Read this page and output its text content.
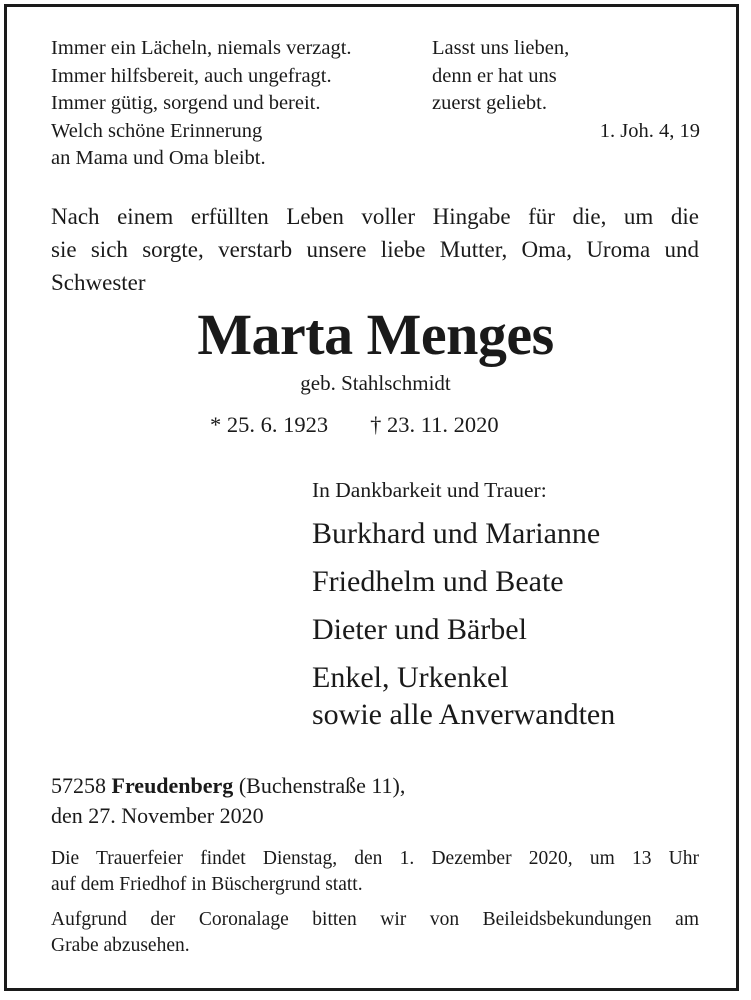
Immer ein Lächeln, niemals verzagt.
Immer hilfsbereit, auch ungefragt.
Immer gütig, sorgend und bereit.
Welch schöne Erinnerung
an Mama und Oma bleibt.
Lasst uns lieben,
denn er hat uns
zuerst geliebt.
1. Joh. 4, 19
Nach einem erfüllten Leben voller Hingabe für die, um die
sie sich sorgte, verstarb unsere liebe Mutter, Oma, Uroma und
Schwester
Marta Menges
geb. Stahlschmidt
* 25. 6. 1923 † 23. 11. 2020
In Dankbarkeit und Trauer:
Burkhard und Marianne
Friedhelm und Beate
Dieter und Bärbel
Enkel, Urkenkel
sowie alle Anverwandten
57258 Freudenberg (Buchenstraße 11),
den 27. November 2020
Die Trauerfeier findet Dienstag, den 1. Dezember 2020, um 13 Uhr
auf dem Friedhof in Büschergrund statt.
Aufgrund der Coronalage bitten wir von Beileidsbekundungen am
Grabe abzusehen.
